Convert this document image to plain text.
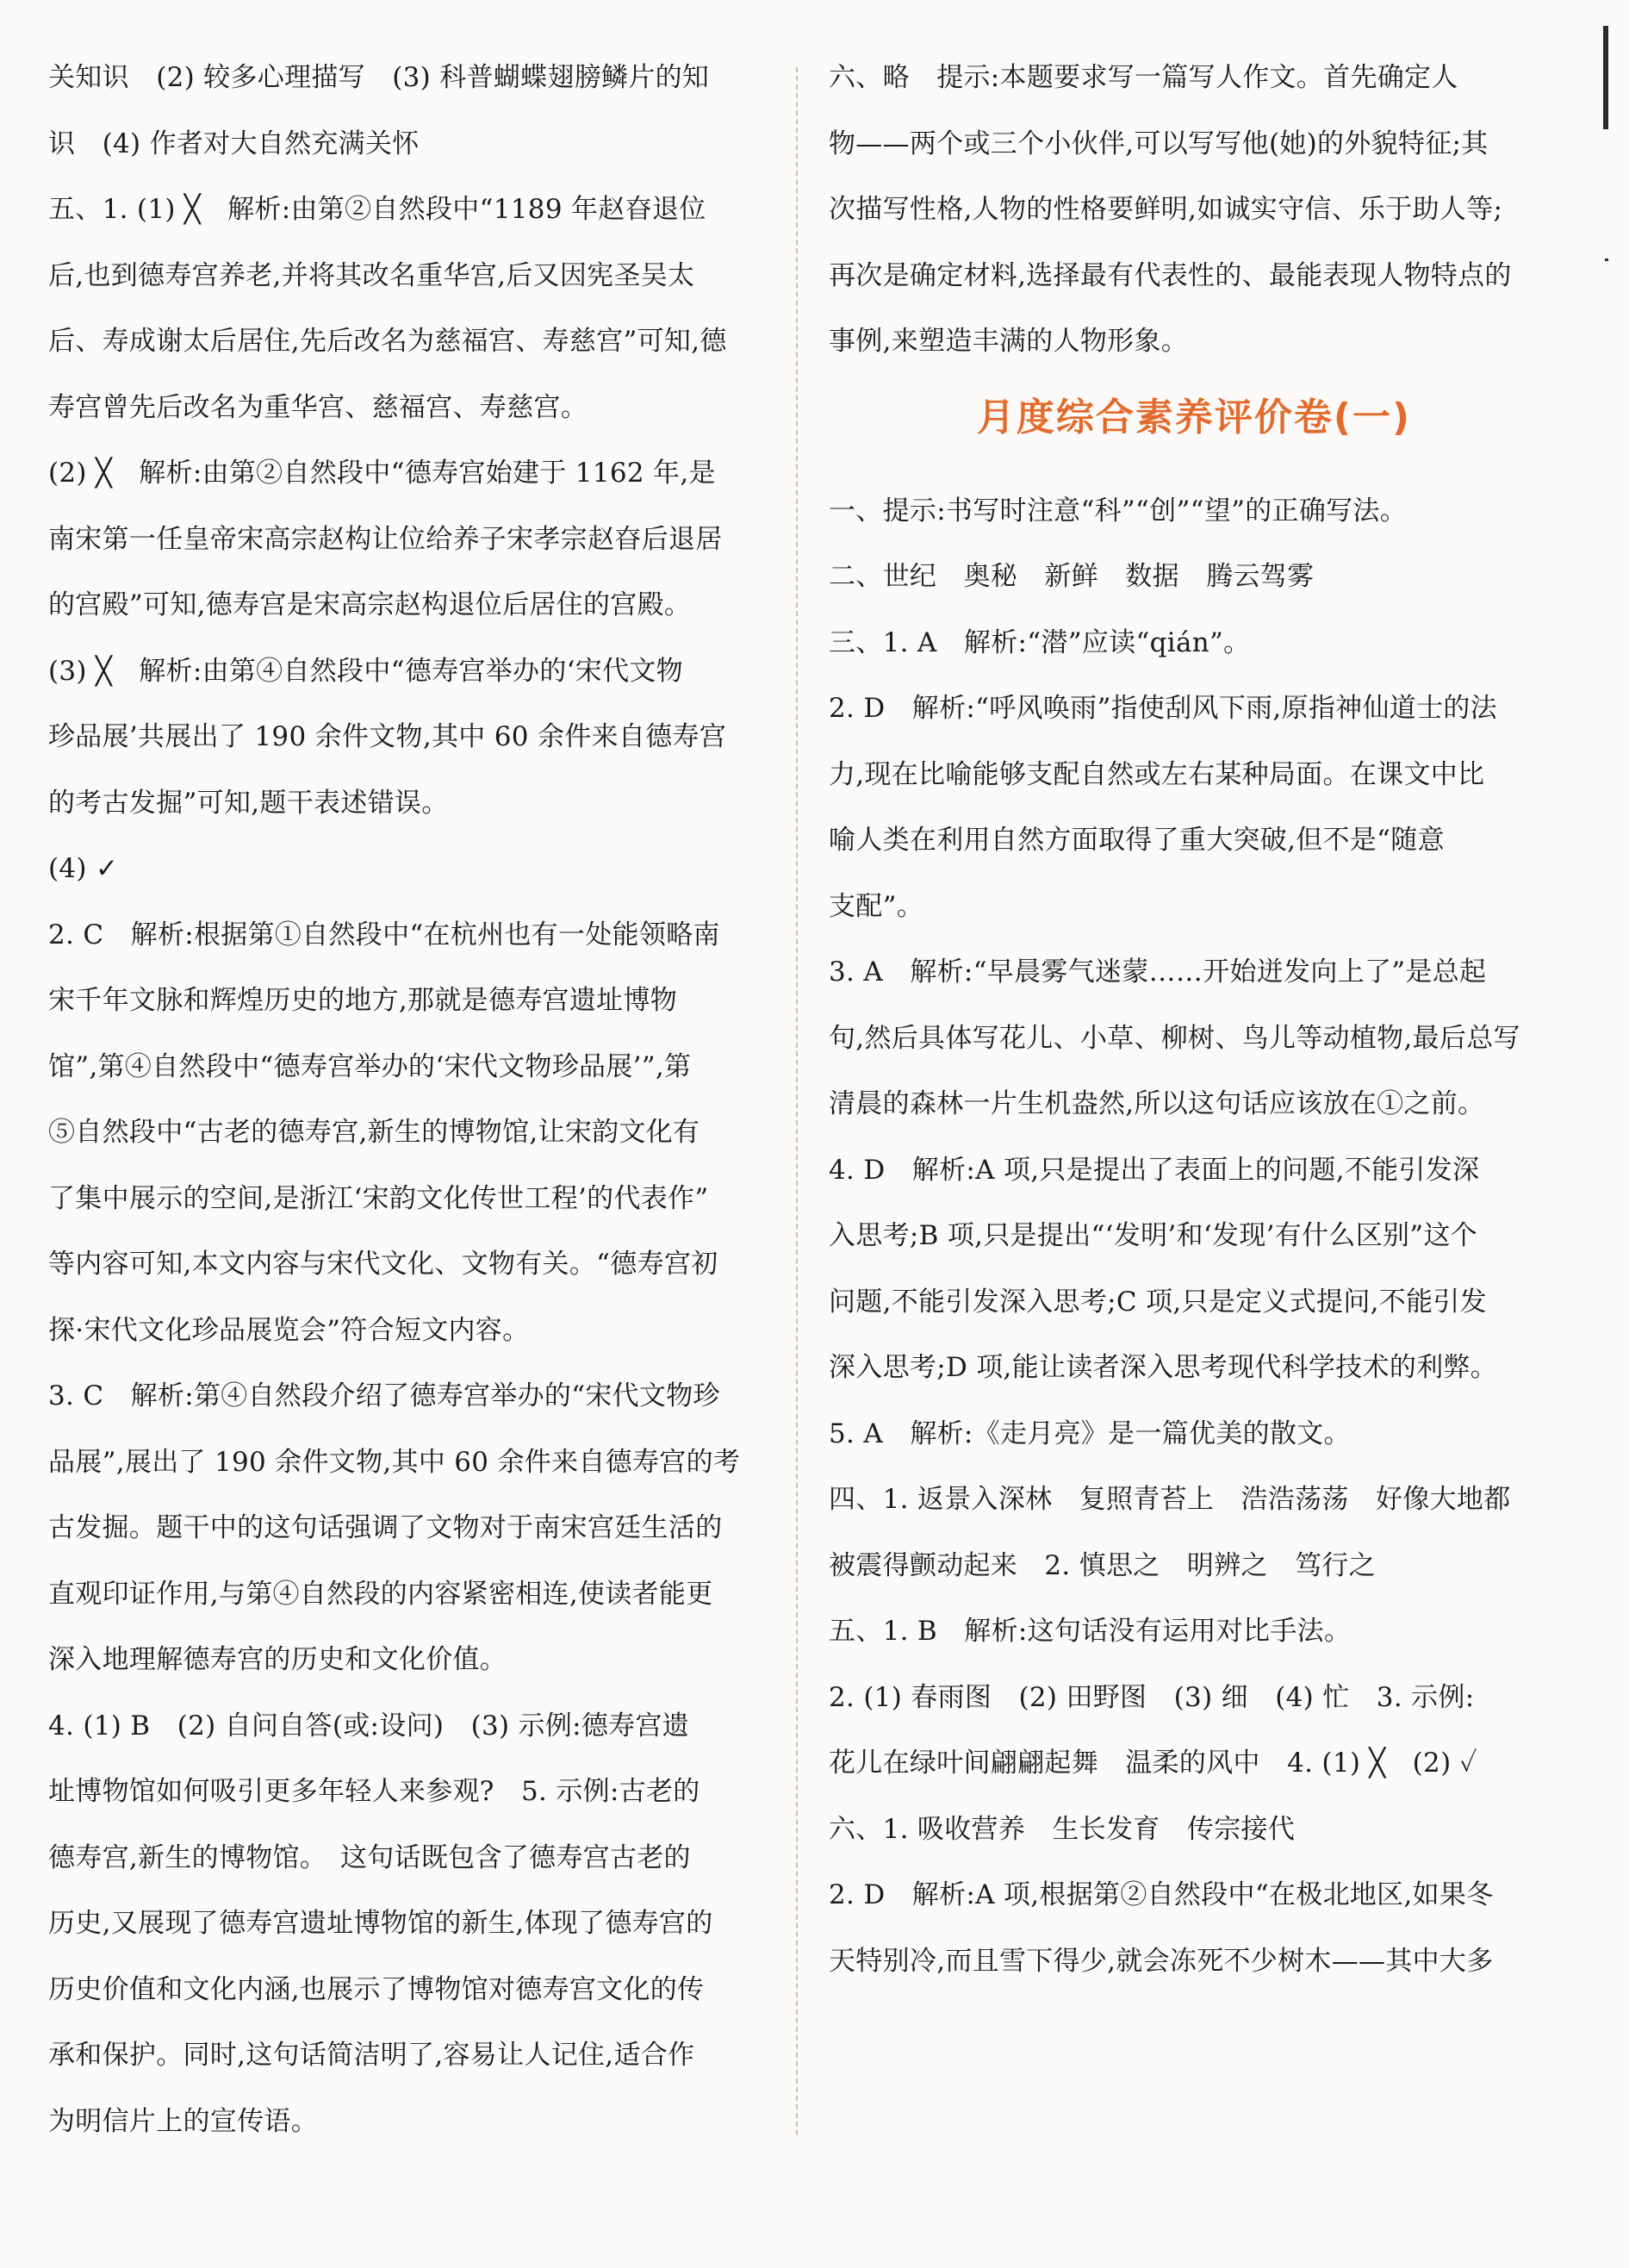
关知识　(2) 较多心理描写　(3) 科普蝴蝶翅膀鳞片的知
识　(4) 作者对大自然充满关怀
五、1. (1) ╳　解析:由第②自然段中“1189 年赵昚退位
后,也到德寿宫养老,并将其改名重华宫,后又因宪圣吴太
后、寿成谢太后居住,先后改名为慈福宫、寿慈宫”可知,德
寿宫曾先后改名为重华宫、慈福宫、寿慈宫。
(2) ╳　解析:由第②自然段中“德寿宫始建于 1162 年,是
南宋第一任皇帝宋高宗赵构让位给养子宋孝宗赵昚后退居
的宫殿”可知,德寿宫是宋高宗赵构退位后居住的宫殿。
(3) ╳　解析:由第④自然段中“德寿宫举办的‘宋代文物
珍品展’共展出了 190 余件文物,其中 60 余件来自德寿宫
的考古发掘”可知,题干表述错误。
(4) ✓
2. C　解析:根据第①自然段中“在杭州也有一处能领略南
宋千年文脉和辉煌历史的地方,那就是德寿宫遗址博物
馆”,第④自然段中“德寿宫举办的‘宋代文物珍品展’”,第
⑤自然段中“古老的德寿宫,新生的博物馆,让宋韵文化有
了集中展示的空间,是浙江‘宋韵文化传世工程’的代表作”
等内容可知,本文内容与宋代文化、文物有关。“德寿宫初
探·宋代文化珍品展览会”符合短文内容。
3. C　解析:第④自然段介绍了德寿宫举办的“宋代文物珍
品展”,展出了 190 余件文物,其中 60 余件来自德寿宫的考
古发掘。题干中的这句话强调了文物对于南宋宫廷生活的
直观印证作用,与第④自然段的内容紧密相连,使读者能更
深入地理解德寿宫的历史和文化价值。
4. (1) B　(2) 自问自答(或:设问)　(3) 示例:德寿宫遗
址博物馆如何吸引更多年轻人来参观?　5. 示例:古老的
德寿宫,新生的博物馆。　这句话既包含了德寿宫古老的
历史,又展现了德寿宫遗址博物馆的新生,体现了德寿宫的
历史价值和文化内涵,也展示了博物馆对德寿宫文化的传
承和保护。同时,这句话简洁明了,容易让人记住,适合作
为明信片上的宣传语。
六、略　提示:本题要求写一篇写人作文。首先确定人
物——两个或三个小伙伴,可以写写他(她)的外貌特征;其
次描写性格,人物的性格要鲜明,如诚实守信、乐于助人等;
再次是确定材料,选择最有代表性的、最能表现人物特点的
事例,来塑造丰满的人物形象。
月度综合素养评价卷(一)
一、提示:书写时注意“科”“创”“望”的正确写法。
二、世纪　奥秘　新鲜　数据　腾云驾雾
三、1. A　解析:“潜”应读“qián”。
2. D　解析:“呼风唤雨”指使刮风下雨,原指神仙道士的法
力,现在比喻能够支配自然或左右某种局面。在课文中比
喻人类在利用自然方面取得了重大突破,但不是“随意
支配”。
3. A　解析:“早晨雾气迷蒙……开始迸发向上了”是总起
句,然后具体写花儿、小草、柳树、鸟儿等动植物,最后总写
清晨的森林一片生机盎然,所以这句话应该放在①之前。
4. D　解析:A 项,只是提出了表面上的问题,不能引发深
入思考;B 项,只是提出“‘发明’和‘发现’有什么区别”这个
问题,不能引发深入思考;C 项,只是定义式提问,不能引发
深入思考;D 项,能让读者深入思考现代科学技术的利弊。
5. A　解析:《走月亮》是一篇优美的散文。
四、1. 返景入深林　复照青苔上　浩浩荡荡　好像大地都
被震得颤动起来　2. 慎思之　明辨之　笃行之
五、1. B　解析:这句话没有运用对比手法。
2. (1) 春雨图　(2) 田野图　(3) 细　(4) 忙　3. 示例:
花儿在绿叶间翩翩起舞　温柔的风中　4. (1) ╳　(2) ✓
六、1. 吸收营养　生长发育　传宗接代
2. D　解析:A 项,根据第②自然段中“在极北地区,如果冬
天特别冷,而且雪下得少,就会冻死不少树木——其中大多
